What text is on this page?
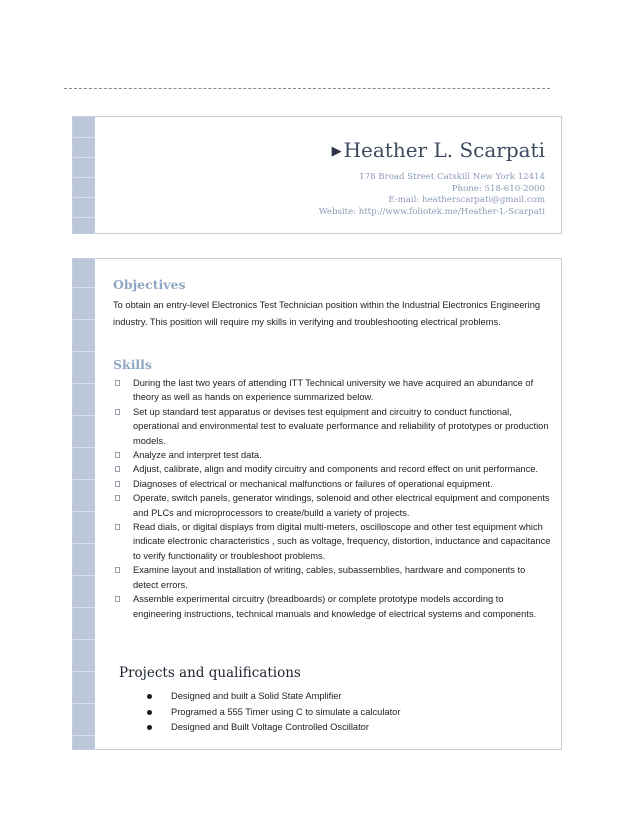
▶ Heather L. Scarpati
178 Broad Street Catskill New York 12414
Phone: 518-610-2000
E-mail: heatherscarpati@gmail.com
Website: http://www.foliotek.me/Heather-L-Scarpati
Objectives

To obtain an entry-level Electronics Test Technician position within the Industrial Electronics Engineering industry. This position will require my skills in verifying and troubleshooting electrical problems.

Skills
During the last two years of attending ITT Technical university we have acquired an abundance of theory as well as hands on experience summarized below.
Set up standard test apparatus or devises test equipment and circuitry to conduct functional, operational and environmental test to evaluate performance and reliability of prototypes or production models.
Analyze and interpret test data.
Adjust, calibrate, align and modify circuitry and components and record effect on unit performance.
Diagnoses of electrical or mechanical malfunctions or failures of operational equipment.
Operate, switch panels, generator windings, solenoid and other electrical equipment and components and PLCs and microprocessors to create/build a variety of projects.
Read dials, or digital displays from digital multi-meters, oscilloscope and other test equipment which indicate electronic characteristics , such as voltage, frequency, distortion, inductance and capacitance to verify functionality or troubleshoot problems.
Examine layout and installation of writing, cables, subassemblies, hardware and components to detect errors.
Assemble experimental circuitry (breadboards) or complete prototype models according to engineering instructions, technical manuals and knowledge of electrical systems and components.
Projects and qualifications
Designed and built a Solid State Amplifier
Programed a 555 Timer using C to simulate a calculator
Designed and Built Voltage Controlled Oscillator
